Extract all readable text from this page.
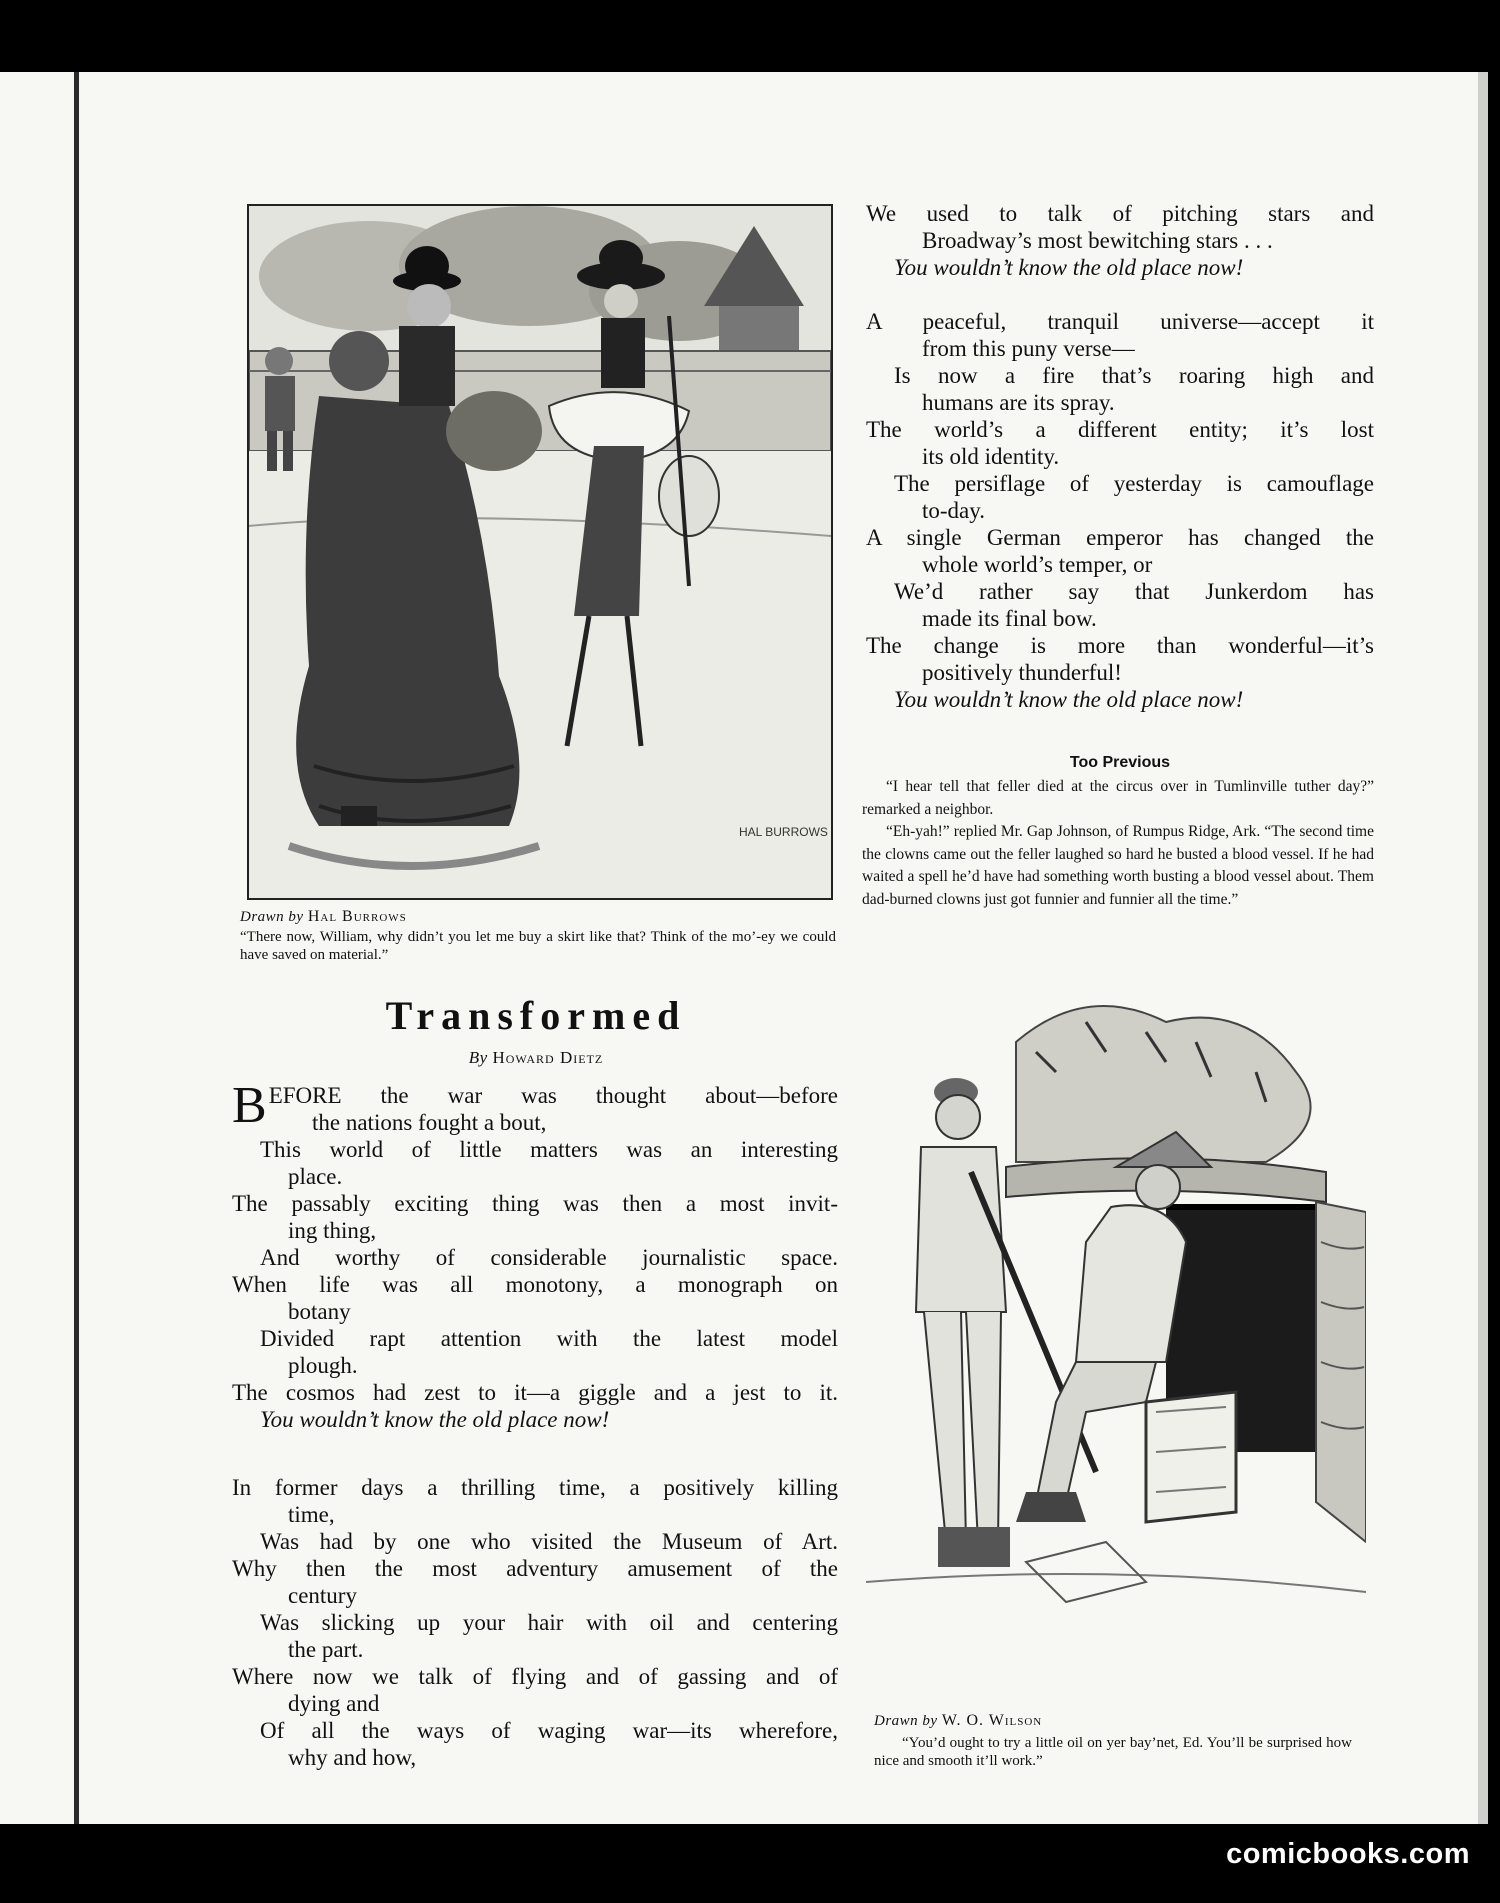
HAL BURROWS
Drawn by Hal Burrows
“There now, William, why didn’t you let me buy a skirt like that? Think of the mo’-ey we could have saved on material.”
Transformed
By Howard Dietz
B EFORE the war was thought about—before
the nations fought a bout,
This world of little matters was an interesting
place.
The passably exciting thing was then a most invit-
ing thing,
And worthy of considerable journalistic space.
When life was all monotony, a monograph on
botany
Divided rapt attention with the latest model
plough.
The cosmos had zest to it—a giggle and a jest to it.
You wouldn’t know the old place now!
In former days a thrilling time, a positively killing
time,
Was had by one who visited the Museum of Art.
Why then the most adventury amusement of the
century
Was slicking up your hair with oil and centering
the part.
Where now we talk of flying and of gassing and of
dying and
Of all the ways of waging war—its wherefore,
why and how,
We used to talk of pitching stars and
Broadway’s most bewitching stars . . .
You wouldn’t know the old place now!
A peaceful, tranquil universe—accept it
from this puny verse—
Is now a fire that’s roaring high and
humans are its spray.
The world’s a different entity; it’s lost
its old identity.
The persiflage of yesterday is camouflage
to-day.
A single German emperor has changed the
whole world’s temper, or
We’d rather say that Junkerdom has
made its final bow.
The change is more than wonderful—it’s
positively thunderful!
You wouldn’t know the old place now!
Too Previous

“I hear tell that feller died at the circus over in Tumlinville tuther day?” remarked a neighbor.

“Eh-yah!” replied Mr. Gap Johnson, of Rumpus Ridge, Ark. “The second time the clowns came out the feller laughed so hard he busted a blood vessel. If he had waited a spell he’d have had something worth busting a blood vessel about. Them dad-burned clowns just got funnier and funnier all the time.”

Drawn by W. O. Wilson
“You’d ought to try a little oil on yer bay’net, Ed. You’ll be surprised how nice and smooth it’ll work.”
comicbooks.com
